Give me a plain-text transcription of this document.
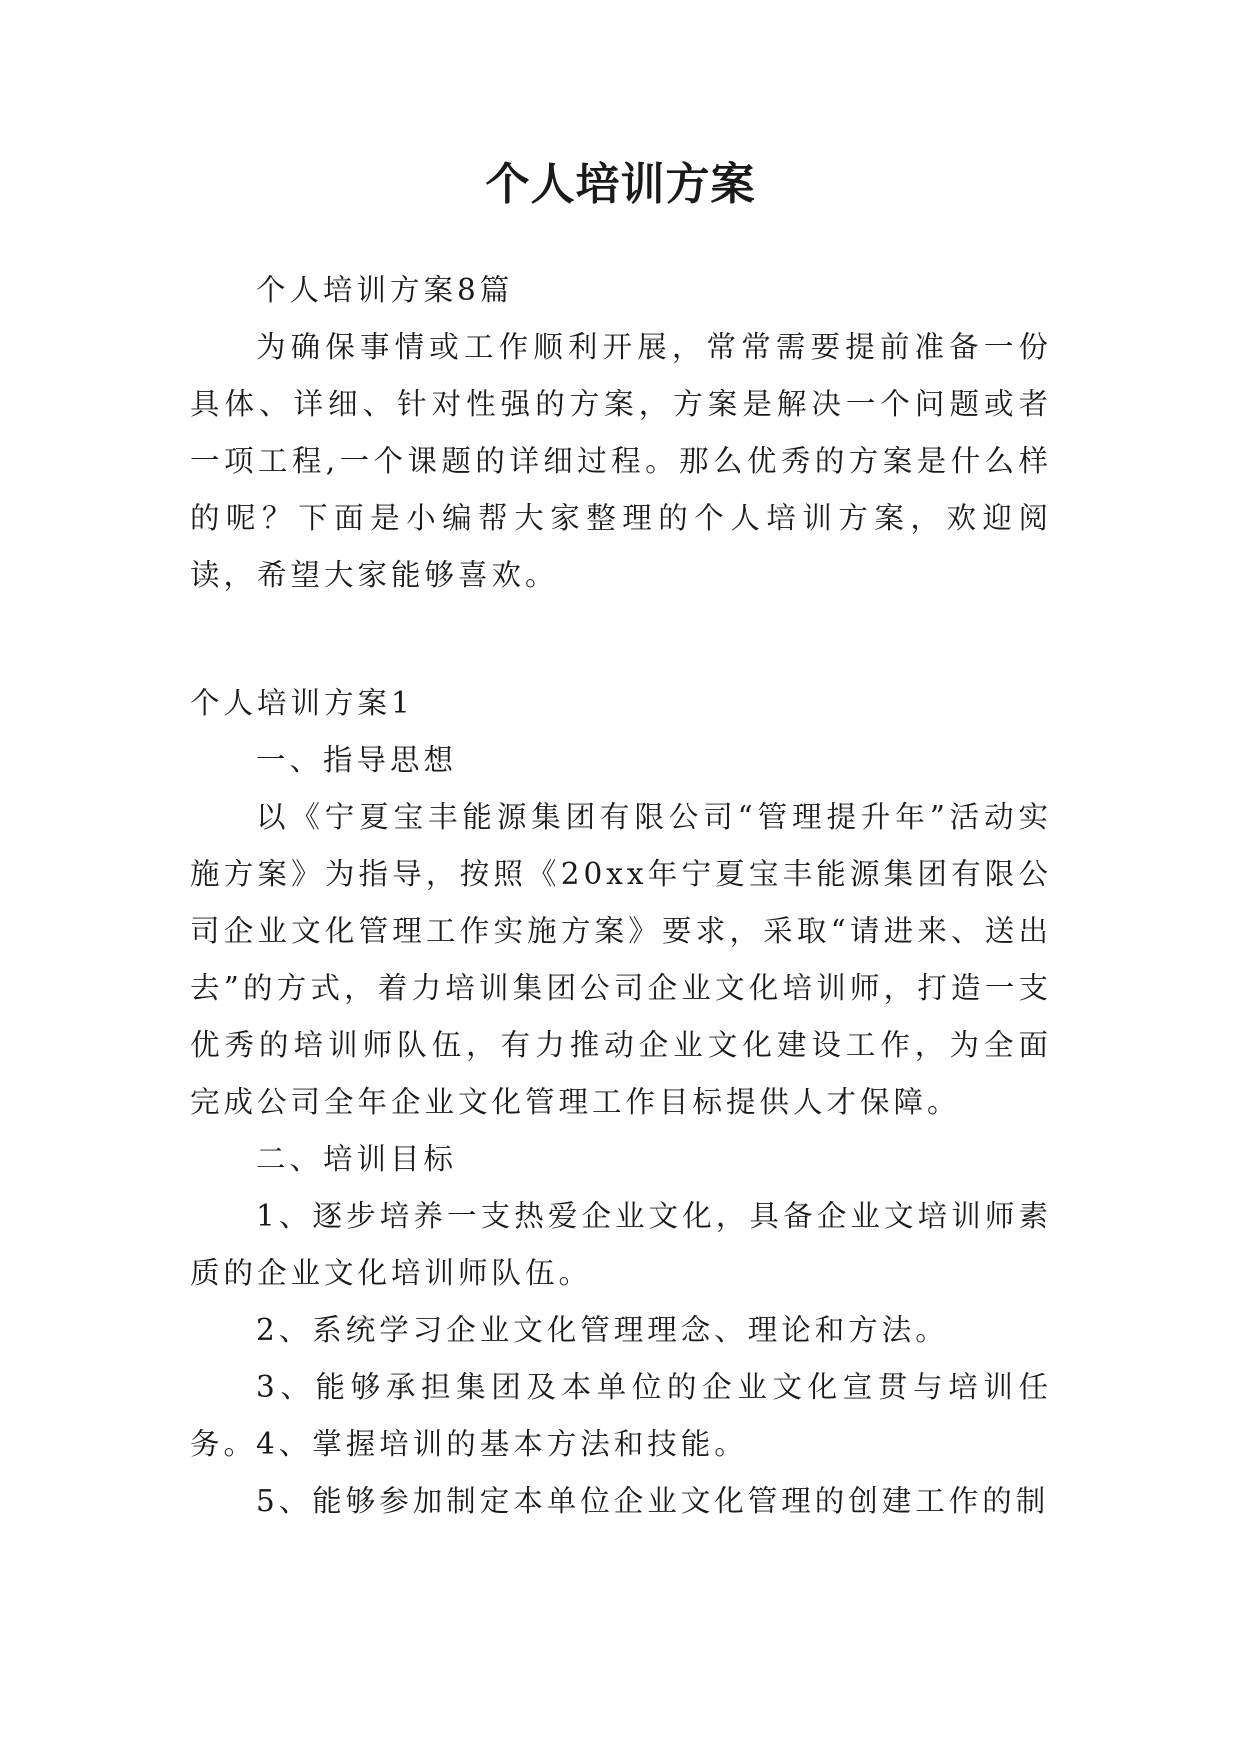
个人培训方案

个人培训方案8篇

为确保事情或工作顺利开展，常常需要提前准备一份具体、详细、针对性强的方案，方案是解决一个问题或者一项工程,一个课题的详细过程。那么优秀的方案是什么样的呢？下面是小编帮大家整理的个人培训方案，欢迎阅读，希望大家能够喜欢。

个人培训方案1

一、指导思想

以《宁夏宝丰能源集团有限公司“管理提升年”活动实施方案》为指导，按照《20xx年宁夏宝丰能源集团有限公司企业文化管理工作实施方案》要求，采取“请进来、送出去”的方式，着力培训集团公司企业文化培训师，打造一支优秀的培训师队伍，有力推动企业文化建设工作，为全面完成公司全年企业文化管理工作目标提供人才保障。

二、培训目标

1、逐步培养一支热爱企业文化，具备企业文培训师素质的企业文化培训师队伍。

2、系统学习企业文化管理理念、理论和方法。

3、能够承担集团及本单位的企业文化宣贯与培训任务。

4、掌握培训的基本方法和技能。

5、能够参加制定本单位企业文化管理的创建工作的制
